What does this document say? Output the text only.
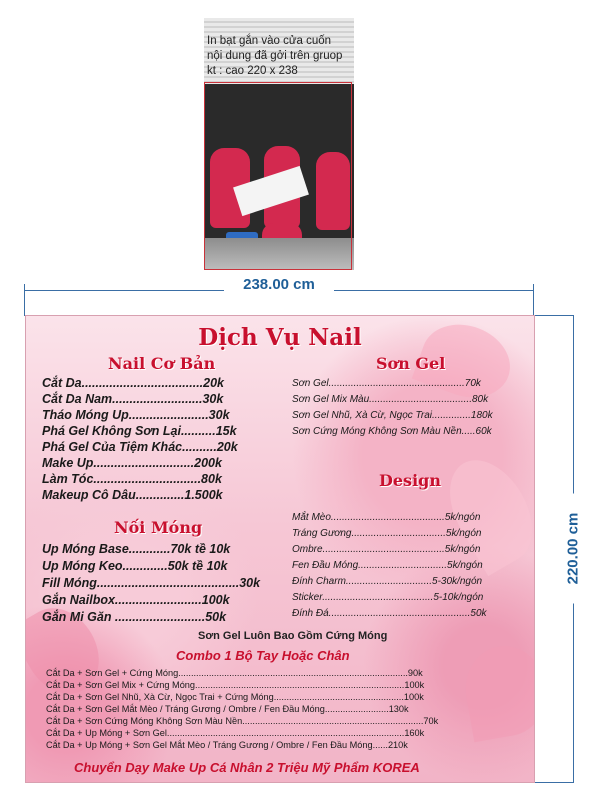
In bạt gắn vào cửa cuốn
nội dung đã gởi trên gruop
kt : cao 220 x 238
238.00 cm
220.00 cm
Dịch Vụ Nail
Nail Cơ Bản
Cắt Da...................................20k
Cắt Da Nam..........................30k
Tháo Móng Up.......................30k
Phá Gel Không Sơn Lại..........15k
Phá Gel Của Tiệm Khác..........20k
Make Up.............................200k
Làm Tóc...............................80k
Makeup Cô Dâu..............1.500k
Sơn Gel
Sơn Gel.................................................70k
Sơn Gel Mix Màu.....................................80k
Sơn Gel Nhũ, Xà Cừ, Ngọc Trai..............180k
Sơn Cứng Móng Không Sơn Màu Nền.....60k
Design
Mắt Mèo.........................................5k/ngón
Tráng Gương..................................5k/ngón
Ombre............................................5k/ngón
Fen Đầu Móng................................5k/ngón
Đính Charm...............................5-30k/ngón
Sticker........................................5-10k/ngón
Đính Đá...................................................50k
Nối Móng
Up Móng Base............70k tề 10k
Up Móng Keo.............50k tề 10k
Fill Móng.........................................30k
Gắn Nailbox.........................100k
Gắn Mi Găn ..........................50k
Sơn Gel Luôn Bao Gồm Cứng Móng
Combo 1 Bộ Tay Hoặc Chân
Cắt Da + Sơn Gel + Cứng Móng..........................................................................................90k
Cắt Da + Sơn Gel Mix + Cứng Móng..................................................................................100k
Cắt Da + Sơn Gel Nhũ, Xà Cừ, Ngọc Trai + Cứng Móng...................................................100k
Cắt Da + Sơn Gel Mắt Mèo / Tráng Gương / Ombre / Fen Đầu Móng.........................130k
Cắt Da + Sơn Cứng Móng Không Sơn Màu Nền.......................................................................70k
Cắt Da + Up Móng + Sơn Gel.............................................................................................160k
Cắt Da + Up Móng + Sơn Gel Mắt Mèo / Tráng Gương / Ombre / Fen Đầu Móng......210k
Chuyển Dạy Make Up Cá Nhân 2 Triệu Mỹ Phẩm KOREA
